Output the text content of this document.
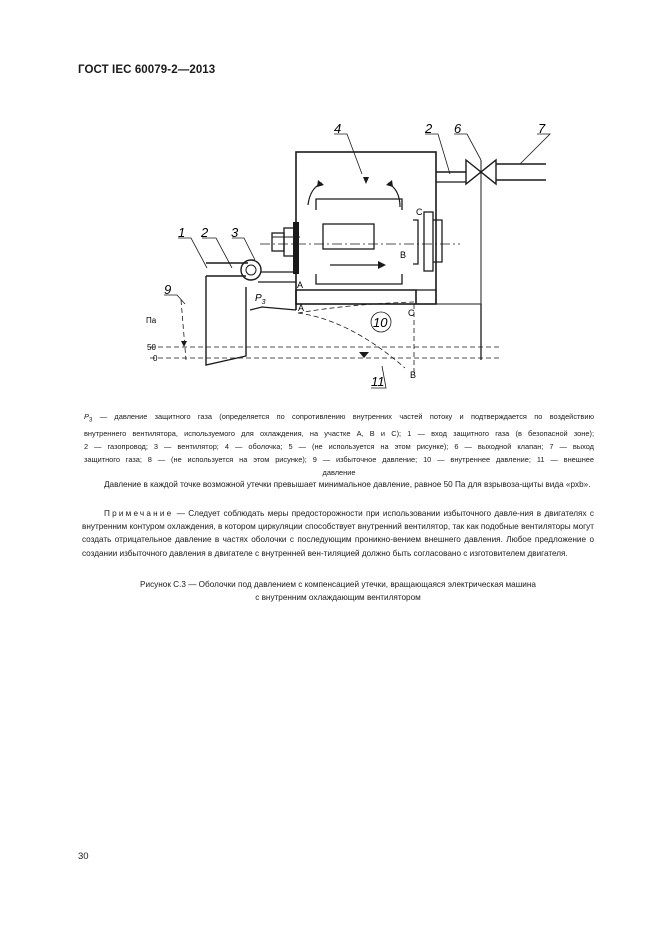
ГОСТ IEC 60079-2—2013
1 2 3
4	2 6	7
9
10
11
A
A
B
B
C
C
$P_3$
Па
50
0
$P_3$ — давление защитного газа (определяется по сопротивлению внутренних частей потоку и подтверждается по воздействию
внутреннего вентилятора, используемого для охлаждения, на участке А, В и С); 1 — вход защитного газа (в безопасной зоне);
2 — газопровод; 3 — вентилятор; 4 — оболочка; 5 — (не используется на этом рисунке); 6 — выходной клапан; 7 — выход
защитного газа; 8 — (не используется на этом рисунке); 9 — избыточное давление; 10 — внутреннее давление; 11 — внешнее
давление
Давление в каждой точке возможной утечки превышает минимальное давление, равное 50 Па для взрывоза-щиты вида «pxb».
Примечание — Следует соблюдать меры предосторожности при использовании избыточного давле-ния в двигателях с внутренним контуром охлаждения, в котором циркуляции способствует внутренний вентилятор, так как подобные вентиляторы могут создать отрицательное давление в частях оболочки с последующим проникно-вением внешнего давления. Любое предложение о создании избыточного давления в двигателе с внутренней вен-тиляцией должно быть согласовано с изготовителем двигателя.
Рисунок С.3 — Оболочки под давлением с компенсацией утечки, вращающаяся электрическая машина
с внутренним охлаждающим вентилятором
30
